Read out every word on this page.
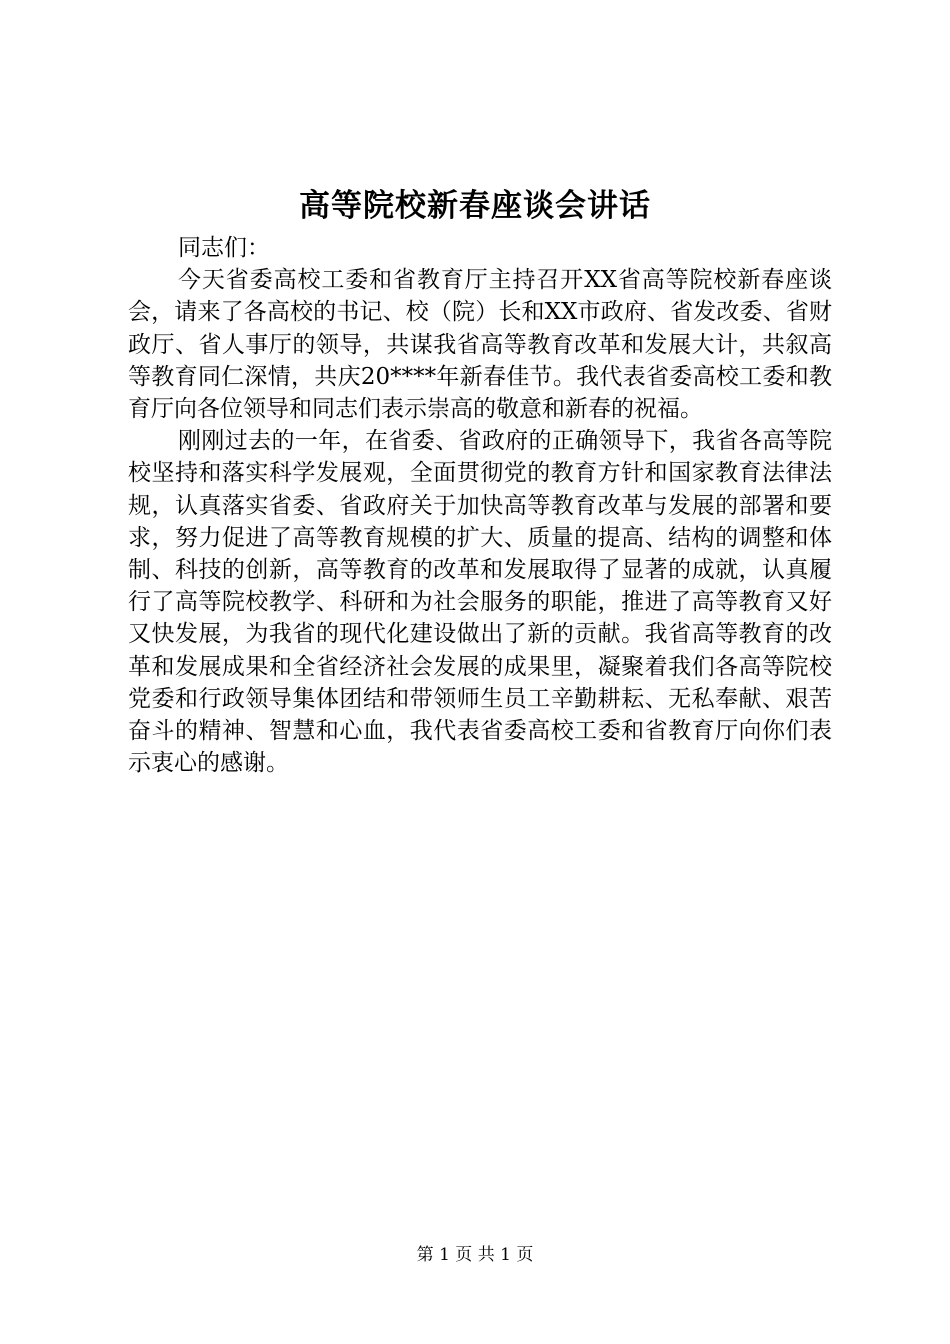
高等院校新春座谈会讲话

同志们：

今天省委高校工委和省教育厅主持召开XX省高等院校新春座谈会，请来了各高校的书记、校（院）长和XX市政府、省发改委、省财政厅、省人事厅的领导，共谋我省高等教育改革和发展大计，共叙高等教育同仁深情，共庆20****年新春佳节。我代表省委高校工委和教育厅向各位领导和同志们表示崇高的敬意和新春的祝福。

刚刚过去的一年，在省委、省政府的正确领导下，我省各高等院校坚持和落实科学发展观，全面贯彻党的教育方针和国家教育法律法规，认真落实省委、省政府关于加快高等教育改革与发展的部署和要求，努力促进了高等教育规模的扩大、质量的提高、结构的调整和体制、科技的创新，高等教育的改革和发展取得了显著的成就，认真履行了高等院校教学、科研和为社会服务的职能，推进了高等教育又好又快发展，为我省的现代化建设做出了新的贡献。我省高等教育的改革和发展成果和全省经济社会发展的成果里，凝聚着我们各高等院校党委和行政领导集体团结和带领师生员工辛勤耕耘、无私奉献、艰苦奋斗的精神、智慧和心血，我代表省委高校工委和省教育厅向你们表示衷心的感谢。

第 1 页 共 1 页
